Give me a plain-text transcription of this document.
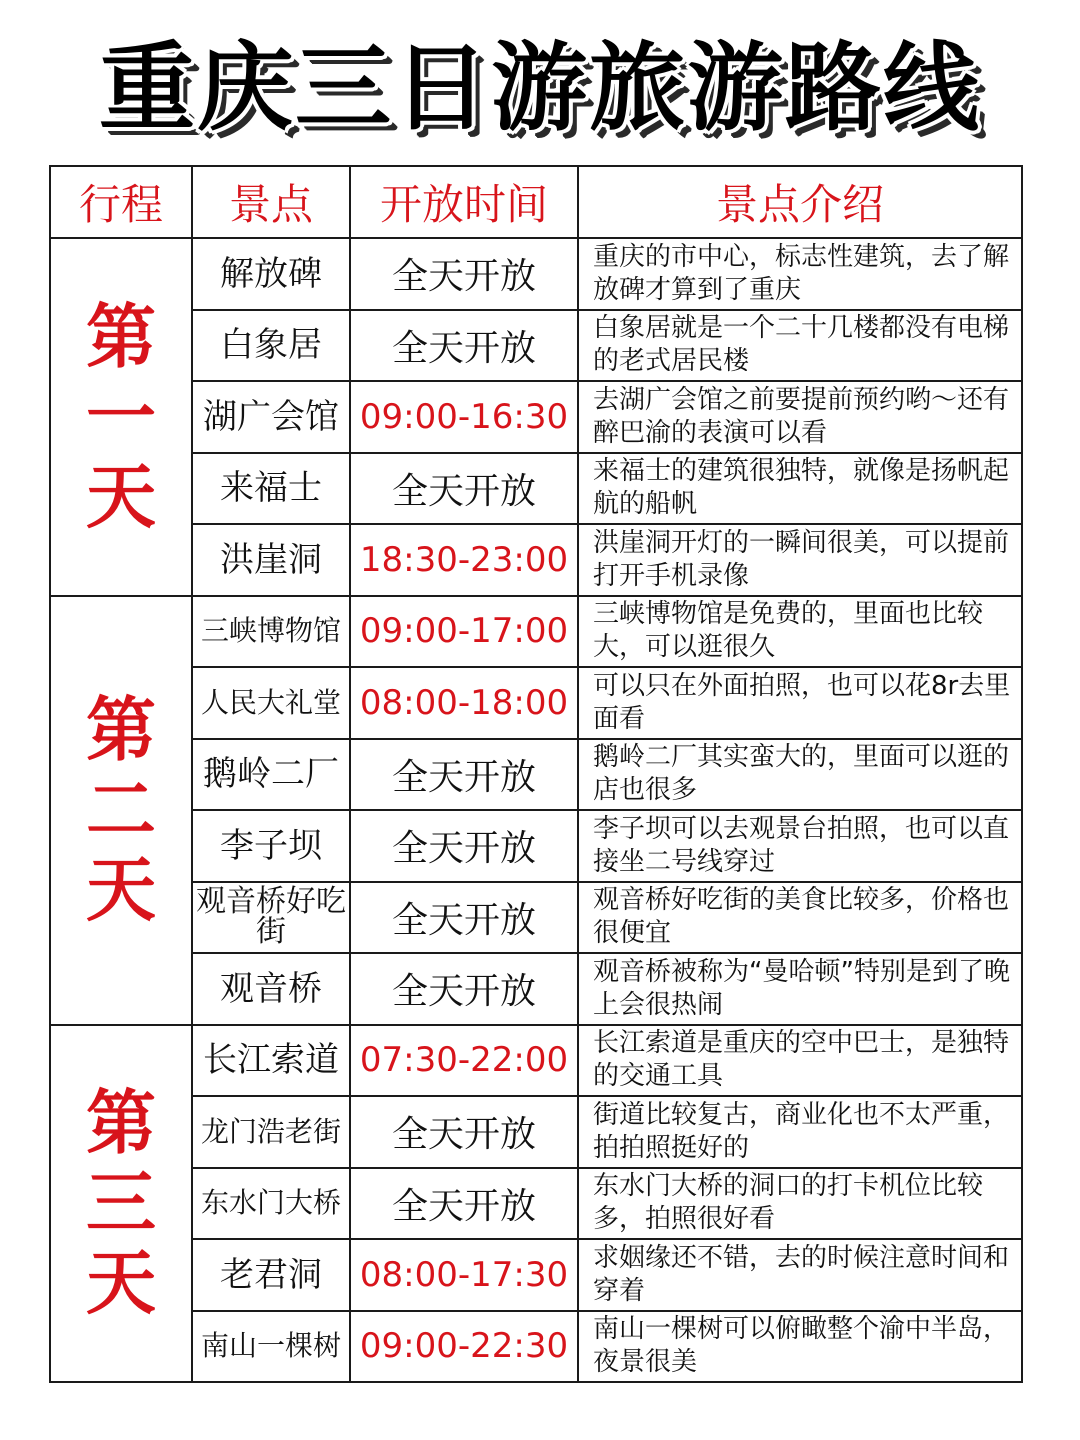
重庆三日游旅游路线
行程	景点	开放时间	景点介绍

第
一
天	解放碑	全天开放	重庆的市中心，标志性建筑，去了解放碑才算到了重庆
	白象居	全天开放	白象居就是一个二十几楼都没有电梯的老式居民楼
	湖广会馆	09:00-16:30	去湖广会馆之前要提前预约哟～还有醉巴渝的表演可以看
	来福士	全天开放	来福士的建筑很独特，就像是扬帆起航的船帆
	洪崖洞	18:30-23:00	洪崖洞开灯的一瞬间很美，可以提前打开手机录像

第
二
天	三峡博物馆	09:00-17:00	三峡博物馆是免费的，里面也比较大，可以逛很久
	人民大礼堂	08:00-18:00	可以只在外面拍照，也可以花8r去里面看
	鹅岭二厂	全天开放	鹅岭二厂其实蛮大的，里面可以逛的店也很多
	李子坝	全天开放	李子坝可以去观景台拍照，也可以直接坐二号线穿过
	观音桥好吃街	全天开放	观音桥好吃街的美食比较多，价格也很便宜
	观音桥	全天开放	观音桥被称为“曼哈顿”特别是到了晚上会很热闹

第
三
天	长江索道	07:30-22:00	长江索道是重庆的空中巴士，是独特的交通工具
	龙门浩老街	全天开放	街道比较复古，商业化也不太严重，拍拍照挺好的
	东水门大桥	全天开放	东水门大桥的洞口的打卡机位比较多，拍照很好看
	老君洞	08:00-17:30	求姻缘还不错，去的时候注意时间和穿着
	南山一棵树	09:00-22:30	南山一棵树可以俯瞰整个渝中半岛，夜景很美
